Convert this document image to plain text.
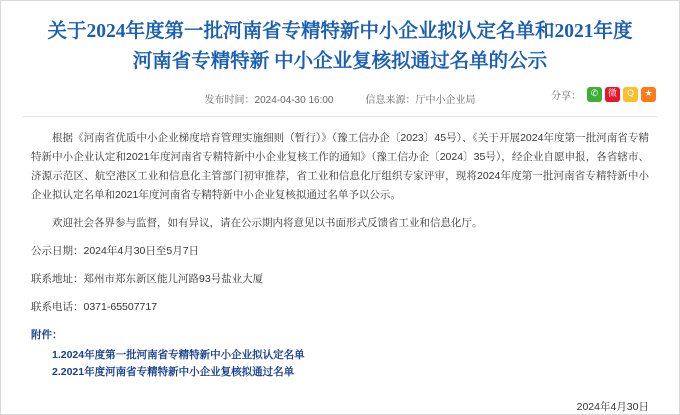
关于2024年度第一批河南省专精特新中小企业拟认定名单和2021年度河南省专精特新 中小企业复核拟通过名单的公示
发布时间：2024-04-30 16:00	信息来源：厅中小企业局	分享：	✆	微	Q	★

根据《河南省优质中小企业梯度培育管理实施细则（暂行）》（豫工信办企〔2023〕45号）、《关于开展2024年度第一批河南省专精特新中小企业认定和2021年度河南省专精特新中小企业复核工作的通知》（豫工信办企〔2024〕35号），经企业自愿申报，各省辖市、济源示范区、航空港区工业和信息化主管部门初审推荐，省工业和信息化厅组织专家评审，现将2024年度第一批河南省专精特新中小企业拟认定名单和2021年度河南省专精特新中小企业复核拟通过名单予以公示。

欢迎社会各界参与监督，如有异议，请在公示期内将意见以书面形式反馈省工业和信息化厅。

公示日期：2024年4月30日至5月7日

联系地址：郑州市郑东新区能儿河路93号盐业大厦

联系电话：0371-65507717

附件：
1.2024年度第一批河南省专精特新中小企业拟认定名单
2.2021年度河南省专精特新中小企业复核拟通过名单
2024年4月30日
